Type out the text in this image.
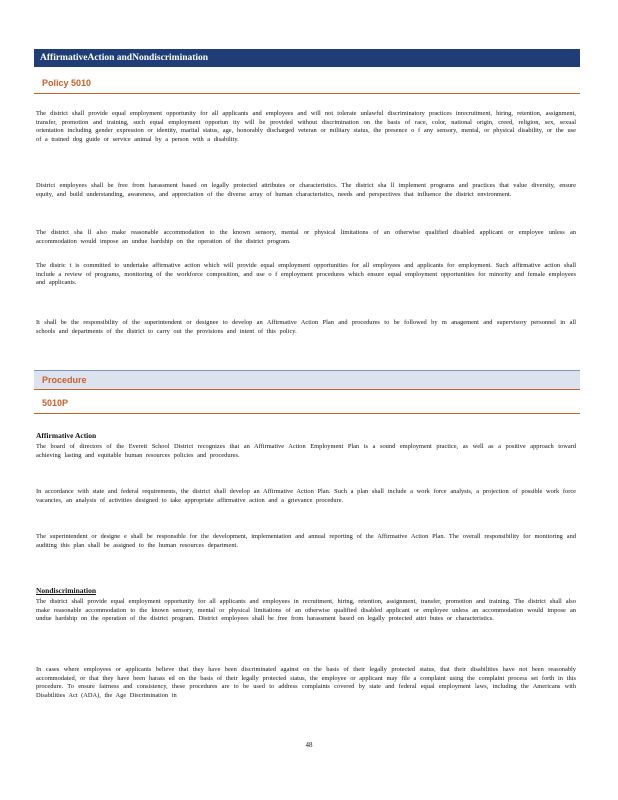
AffirmativeAction andNondiscrimination
Policy 5010

The district shall provide equal employment opportunity for all applicants and employees and will not tolerate unlawful discriminatory practices inrecruitment, hiring, retention, assignment, transfer, promotion and training, such equal employment opportun ity will be provided without discrimination on the basis of race, color, national origin, creed, religion, sex, sexual orientation including gender expression or identity, marital status, age, honorably discharged veteran or military status, the presence o f any sensory, mental, or physical disability, or the use of a trained dog guide or service animal by a person with a disability.

District employees shall be free from harassment based on legally protected attributes or characteristics. The district sha ll implement programs and practices that value diversity, ensure equity, and build understanding, awareness, and appreciation of the diverse array of human characteristics, needs and perspectives that influence the district environment.

The district sha ll also make reasonable accommodation to the known sensory, mental or physical limitations of an otherwise qualified disabled applicant or employee unless an accommodation would impose an undue hardship on the operation of the district program.

The distric t is committed to undertake affirmative action which will provide equal employment opportunities for all employees and applicants for employment. Such affirmative action shall include a review of programs, monitoring of the workforce composition, and use o f employment procedures which ensure equal employment opportunities for minority and female employees and applicants.

It shall be the responsibility of the superintendent or designee to develop an Affirmative Action Plan and procedures to be followed by m anagement and supervisory personnel in all schools and departments of the district to carry out the provisions and intent of this policy.

Procedure
5010P
Affirmative Action

The board of directors of the Everett School District recognizes that an Affirmative Action Employment Plan is a sound employment practice, as well as a positive approach toward achieving lasting and equitable human resources policies and procedures.

In accordance with state and federal requirements, the district shall develop an Affirmative Action Plan. Such a plan shall include a work force analysis, a projection of possible work force vacancies, an analysis of activities designed to take appropriate affirmative action and a grievance procedure.

The superintendent or designe e shall be responsible for the development, implementation and annual reporting of the Affirmative Action Plan. The overall responsibility for monitoring and auditing this plan shall be assigned to the human resources department.

Nondiscrimination

The district shall provide equal employment opportunity for all applicants and employees in recruitment, hiring, retention, assignment, transfer, promotion and training. The district shall also make reasonable accommodation to the known sensory, mental or physical limitations of an otherwise qualified disabled applicant or employee unless an accommodation would impose an undue hardship on the operation of the district program. District employees shall be free from harassment based on legally protected attri butes or characteristics.

In cases where employees or applicants believe that they have been discriminated against on the basis of their legally protected status, that their disabilities have not been reasonably accommodated, or that they have been harass ed on the basis of their legally protected status, the employee or applicant may file a complaint using the complaint process set forth in this procedure. To ensure fairness and consistency, these procedures are to be used to address complaints covered by state and federal equal employment laws, including the Americans with Disabilities Act (ADA), the Age Discrimination in

48
